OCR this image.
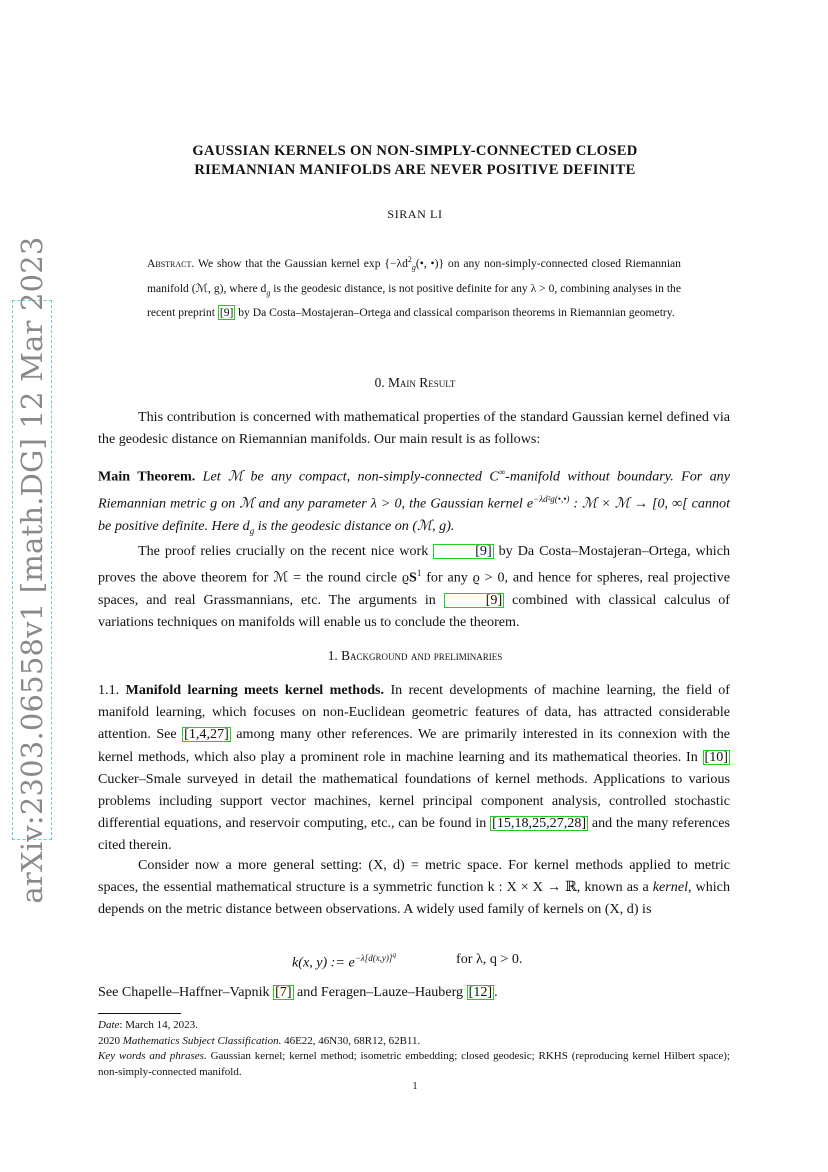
arXiv:2303.06558v1 [math.DG] 12 Mar 2023
GAUSSIAN KERNELS ON NON-SIMPLY-CONNECTED CLOSED
RIEMANNIAN MANIFOLDS ARE NEVER POSITIVE DEFINITE
SIRAN LI
Abstract. We show that the Gaussian kernel $\exp \{-\lambda d^2_g(•$, •)} on any non-simply-connected closed Riemannian manifold (ℳ, g), where $d_g$ is the geodesic distance, is not positive definite for any λ > 0, combining analyses in the recent preprint [9] by Da Costa–Mostajeran–Ortega and classical comparison theorems in Riemannian geometry.
0. Main Result
This contribution is concerned with mathematical properties of the standard Gaussian kernel defined via the geodesic distance on Riemannian manifolds. Our main result is as follows:
Main Theorem. Let ℳ be any compact, non-simply-connected C∞-manifold without boundary. For any Riemannian metric g on ℳ and any parameter λ > 0, the Gaussian kernel $e^{-\lambda d^2g(•,•)}$ : ℳ × ℳ → [0, ∞[ cannot be positive definite. Here $d_g$ is the geodesic distance on (ℳ, g).
The proof relies crucially on the recent nice work	[9] by Da Costa–Mostajeran–Ortega, which proves the above theorem for ℳ = the round circle $ϱS^1$ for any ϱ > 0, and hence for spheres, real projective spaces, and real Grassmannians, etc. The arguments in	[9] combined with classical calculus of variations techniques on manifolds will enable us to conclude the theorem.
1. Background and preliminaries
1.1. Manifold learning meets kernel methods. In recent developments of machine learning, the field of manifold learning, which focuses on non-Euclidean geometric features of data, has attracted considerable attention. See [1,4,27] among many other references. We are primarily interested in its connexion with the kernel methods, which also play a prominent role in machine learning and its mathematical theories. In [10] Cucker–Smale surveyed in detail the mathematical foundations of kernel methods. Applications to various problems including support vector machines, kernel principal component analysis, controlled stochastic differential equations, and reservoir computing, etc., can be found in [15,18,25,27,28] and the many references cited therein.
Consider now a more general setting: (X, d) = metric space. For kernel methods applied to metric spaces, the essential mathematical structure is a symmetric function k : X × X → ℝ, known as a kernel, which depends on the metric distance between observations. A widely used family of kernels on (X, d) is
k(x, y) := $e^{-\lambda[d(x,y)]^q}$	for λ, q > 0.
See Chapelle–Haffner–Vapnik [7] and Feragen–Lauze–Hauberg [12] .
Date: March 14, 2023.
2020 Mathematics Subject Classification. 46E22, 46N30, 68R12, 62B11.
Key words and phrases. Gaussian kernel; kernel method; isometric embedding; closed geodesic; RKHS (reproducing kernel Hilbert space); non-simply-connected manifold.
1
